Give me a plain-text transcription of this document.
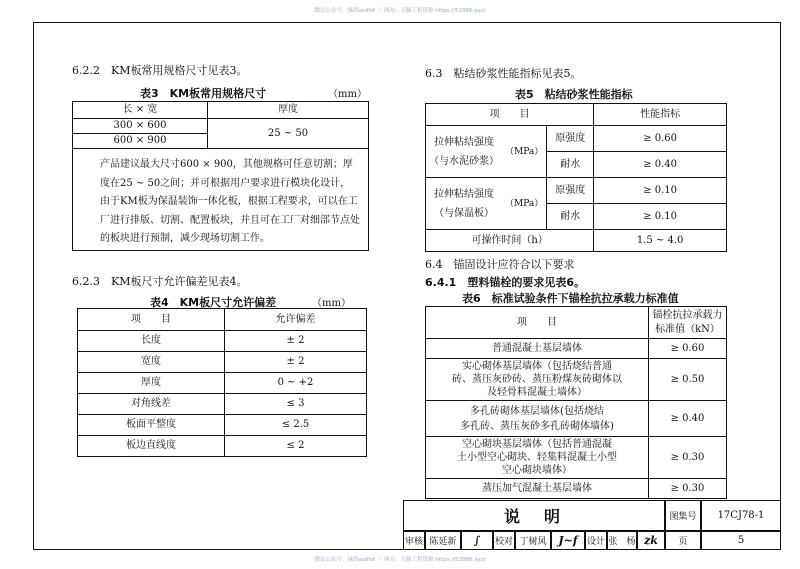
微信公众号：辣鸽asdfsf ｜ 网站：天籁工程资源 https://52886.xyz/
微信公众号：辣鸽asdfsf ｜ 网站：天籁工程资源 https://52886.xyz/
6.2.2　KM板常用规格尺寸见表3。
表3　KM板常用规格尺寸	（mm）
长 × 宽	厚度
300 × 600	25 ~ 50
600 × 900	

产品建议最大尺寸600 × 900，其他规格可任意切割；厚度在25 ~ 50之间；并可根据用户要求进行模块化设计，由于KM板为保温装饰一体化板，根据工程要求，可以在工厂进行排版、切割、配置板块，并且可在工厂对细部节点处的板块进行预制，减少现场切割工作。
6.2.3　KM板尺寸允许偏差见表4。
表4　KM板尺寸允许偏差	（mm）
项　　目	允许偏差
长度	± 2
宽度	± 2
厚度	0 ~ +2
对角线差	≤ 3
板面平整度	≤ 2.5
板边直线度	≤ 2
6.3　粘结砂浆性能指标见表5。
表5　粘结砂浆性能指标
项　　目			性能指标
拉伸粘结强度
（与水泥砂浆）	（MPa）	原强度	≥ 0.60
		耐水	≥ 0.40
拉伸粘结强度
（与保温板）	（MPa）	原强度	≥ 0.10
		耐水	≥ 0.10
可操作时间（h）			1.5 ~ 4.0
6.4　锚固设计应符合以下要求
6.4.1　塑料锚栓的要求见表6。
表6　标准试验条件下锚栓抗拉承载力标准值
项　　目	锚栓抗拉承载力
标准值（kN）
普通混凝土基层墙体	≥ 0.60
实心砌体基层墙体（包括烧结普通
砖、蒸压灰砂砖、蒸压粉煤灰砖砌体以
及轻骨料混凝土墙体）	≥ 0.50
多孔砖砌体基层墙体(包括烧结
多孔砖、蒸压灰砂多孔砖砌体墙体)	≥ 0.40
空心砌块基层墙体（包括普通混凝
土小型空心砌块、轻集料混凝土小型
空心砌块墙体）	≥ 0.30
蒸压加气混凝土基层墙体	≥ 0.30
说　明	图集号	17CJ78-1
审核 陈延新	∫ 校对 丁树风	J~f 设计 张　杨 zk	页	5
